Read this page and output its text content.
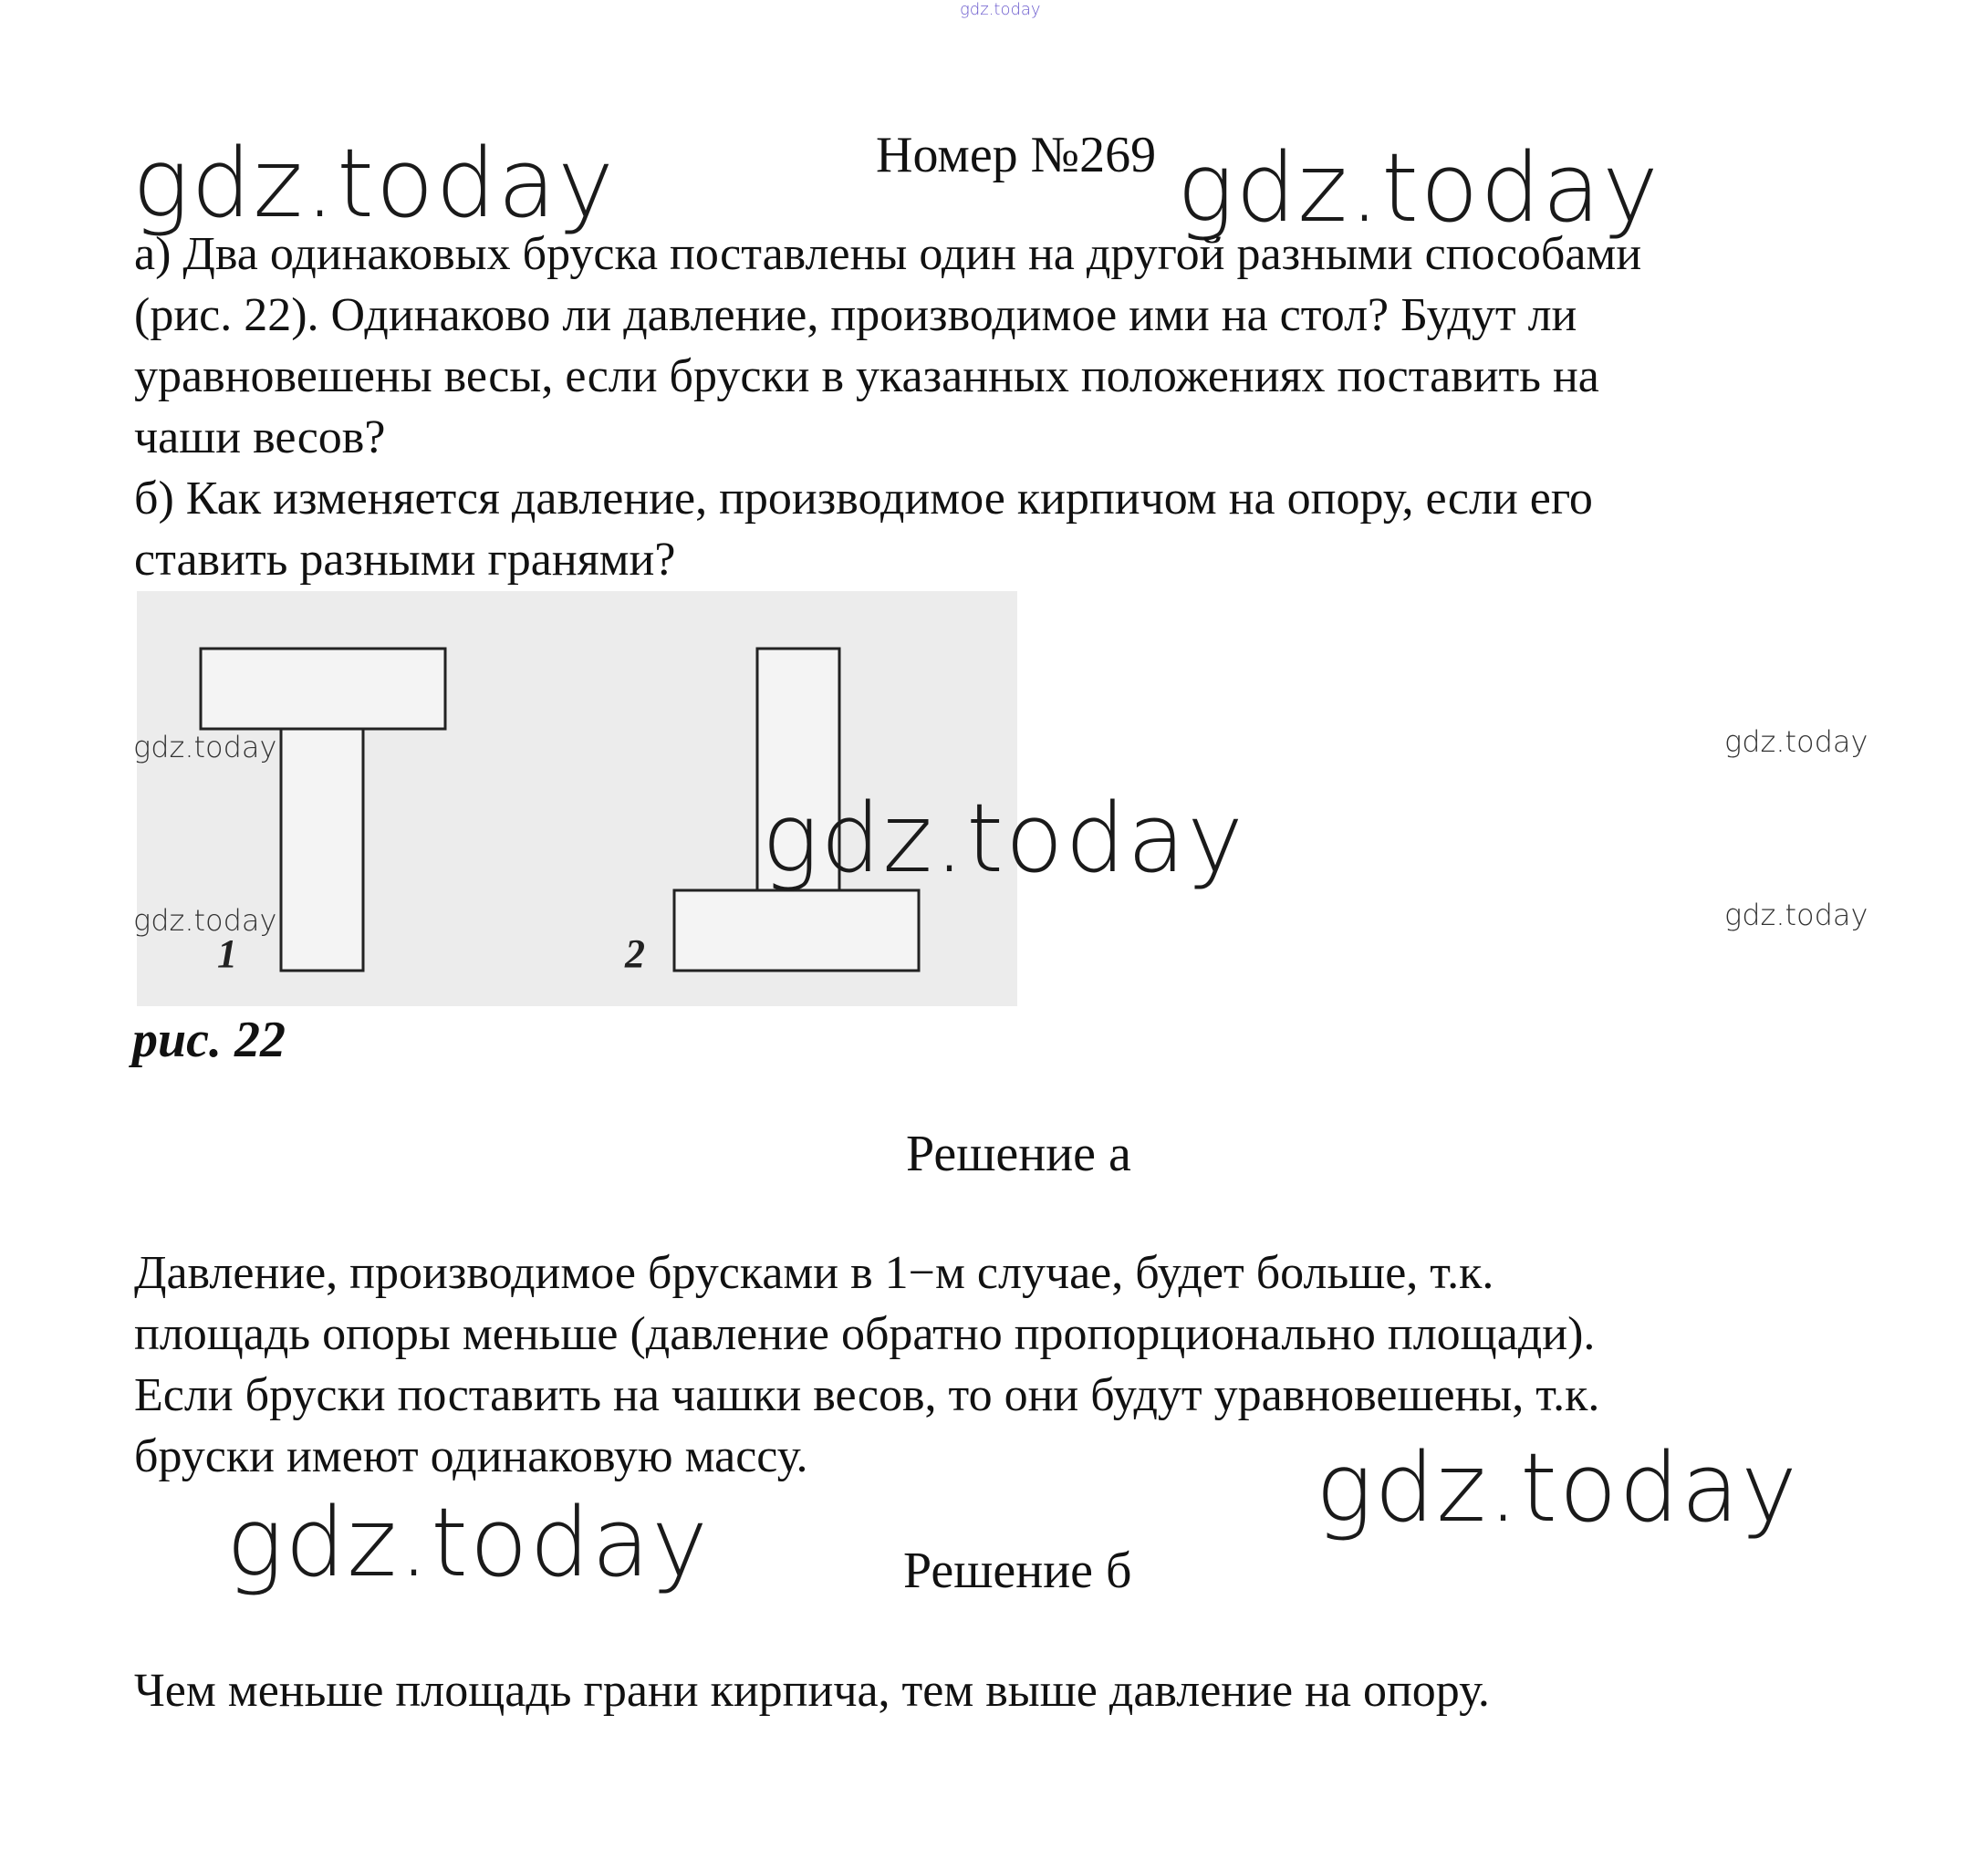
gdz.today
gdz.today	gdz.today
Номер №269
а) Два одинаковых бруска поставлены один на другой разными способами
(рис. 22). Одинаково ли давление, производимое ими на стол? Будут ли
уравновешены весы, если бруски в указанных положениях поставить на
чаши весов?
б) Как изменяется давление, производимое кирпичом на опору, если его
ставить разными гранями?
1	2
gdz.today	gdz.today
gdz.today	gdz.today
gdz.today
рис. 22
Решение а
Давление, производимое брусками в 1−м случае, будет больше, т.к.
площадь опоры меньше (давление обратно пропорционально площади).
Если бруски поставить на чашки весов, то они будут уравновешены, т.к.
бруски имеют одинаковую массу.	gdz.today
gdz.today	Решение б
Чем меньше площадь грани кирпича, тем выше давление на опору.
